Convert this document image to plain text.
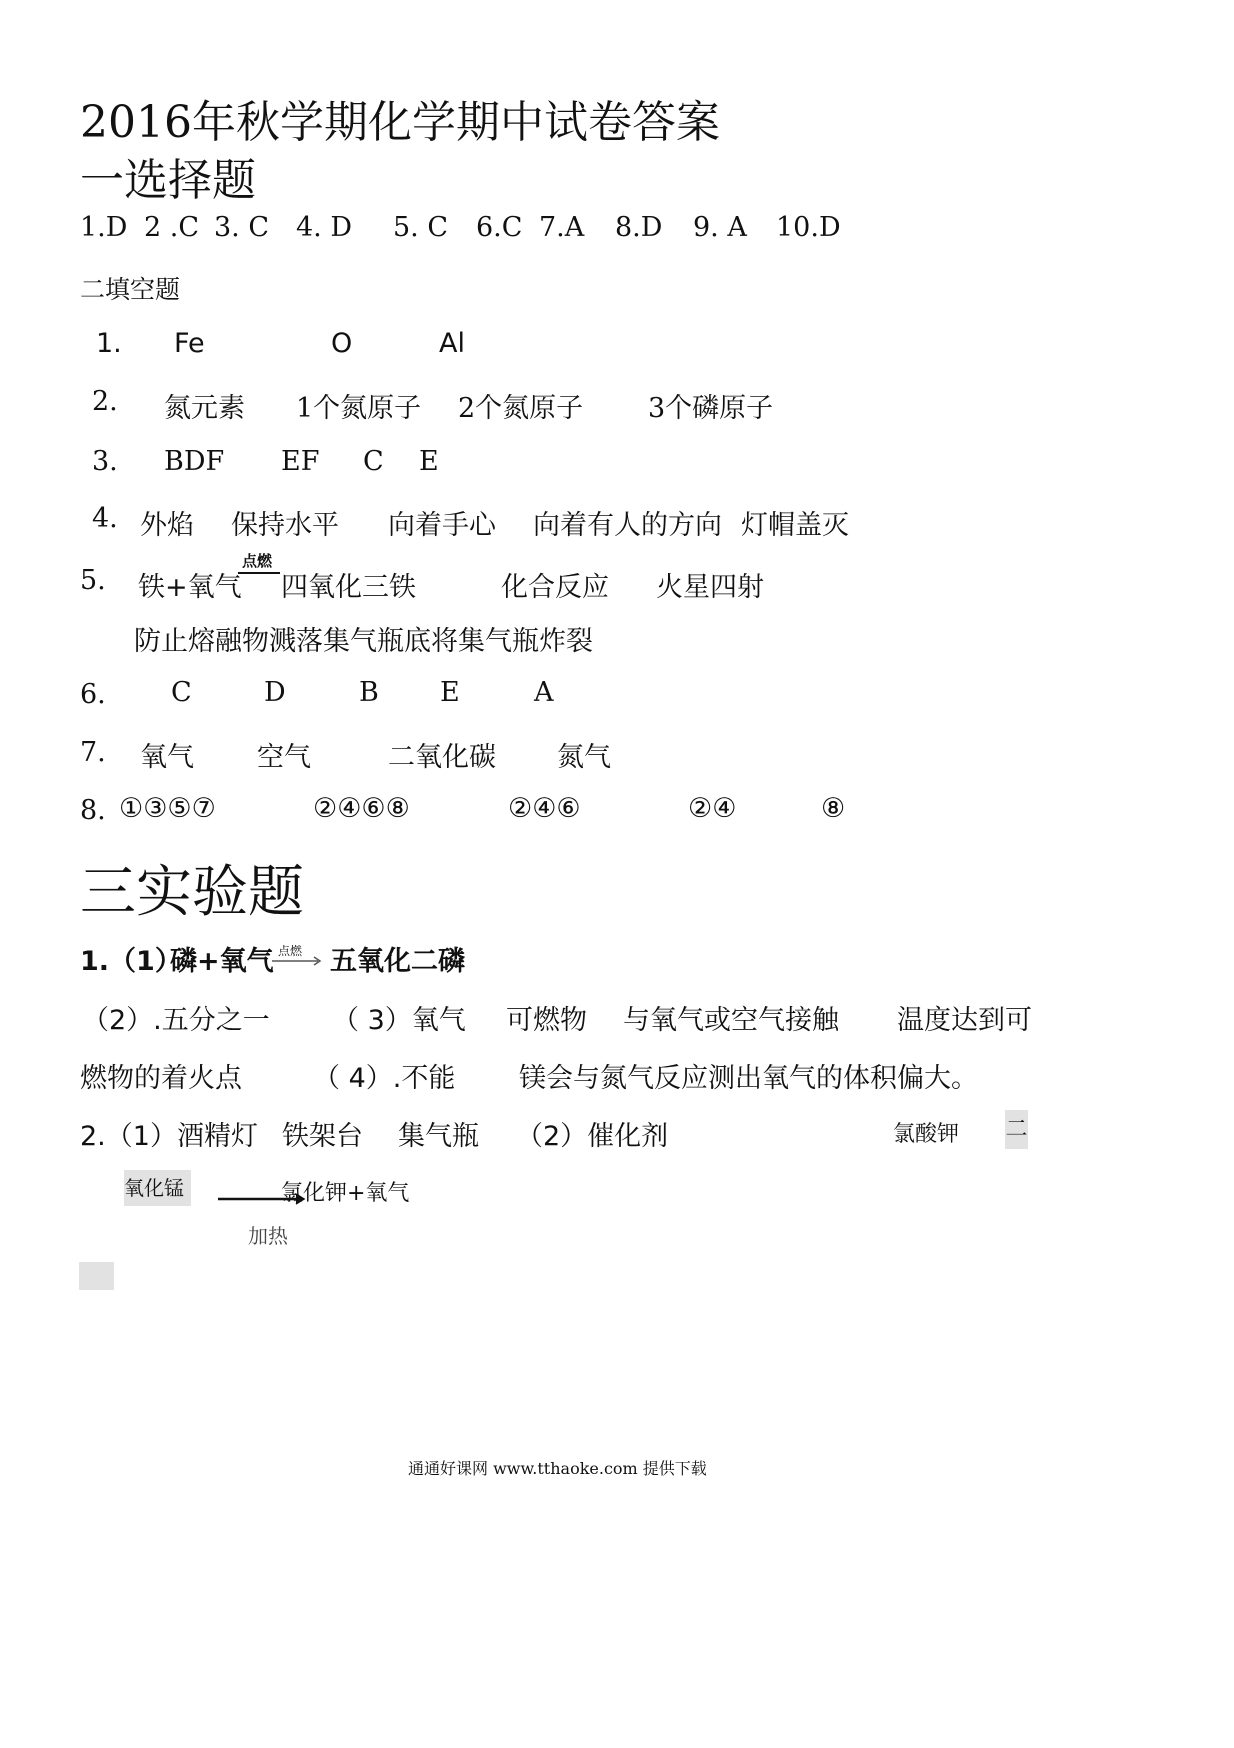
2016年秋学期化学期中试卷答案
一选择题
1.D 2 .C 3. C 4. D 5. C 6.C 7.A 8.D 9. A 10.D
二填空题
1. Fe	O	Al
2. 氮元素 1个氮原子 2个氮原子 3个磷原子
3. BDF EF C E
4. 外焰 保持水平 向着手心 向着有人的方向 灯帽盖灭
5. 铁+氧气
点燃
四氧化三铁	化合反应 火星四射
防止熔融物溅落集气瓶底将集气瓶炸裂
6. C	D	B E	A
7. 氧气 空气	二氧化碳 氮气
8. ①③⑤⑦	②④⑥⑧	②④⑥	②④	⑧
三实验题
1.（1）
磷+氧气 点燃 → 五氧化二磷
（2）.五分之一 （ 3）氧气 可燃物 与氧气或空气接触 温度达到可
燃物的着火点	（ 4）.不能 镁会与氮气反应测出氧气的体积偏大。
2.（1）酒精灯 铁架台 集气瓶 （2）催化剂	氯酸钾 二
氧化锰	氯化钾+氧气
加热
通通好课网 www.tthaoke.com 提供下载
